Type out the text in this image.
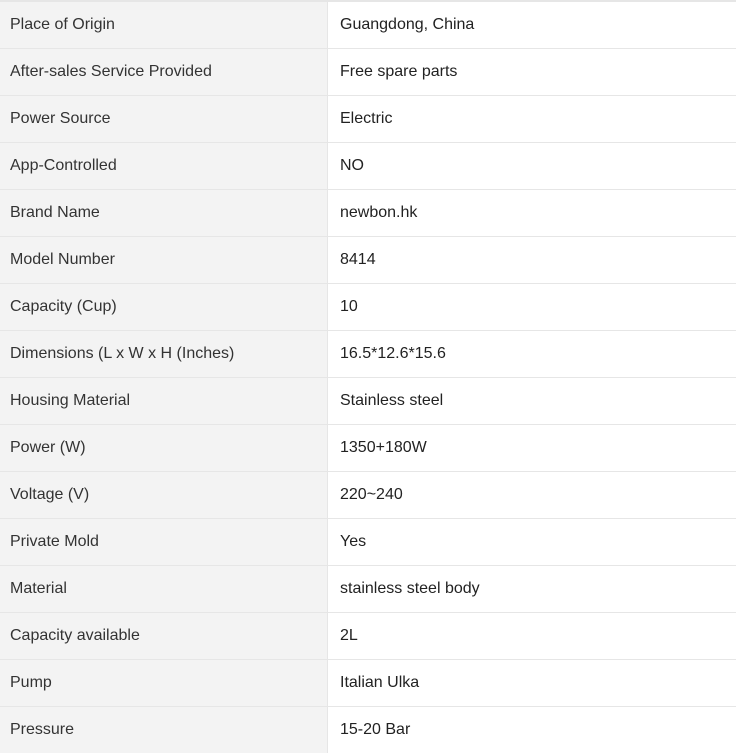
Place of Origin	Guangdong, China
After-sales Service Provided	Free spare parts
Power Source	Electric
App-Controlled	NO
Brand Name	newbon.hk
Model Number	8414
Capacity (Cup)	10
Dimensions (L x W x H (Inches)	16.5*12.6*15.6
Housing Material	Stainless steel
Power (W)	1350+180W
Voltage (V)	220~240
Private Mold	Yes
Material	stainless steel body
Capacity available	2L
Pump	Italian Ulka
Pressure	15-20 Bar
